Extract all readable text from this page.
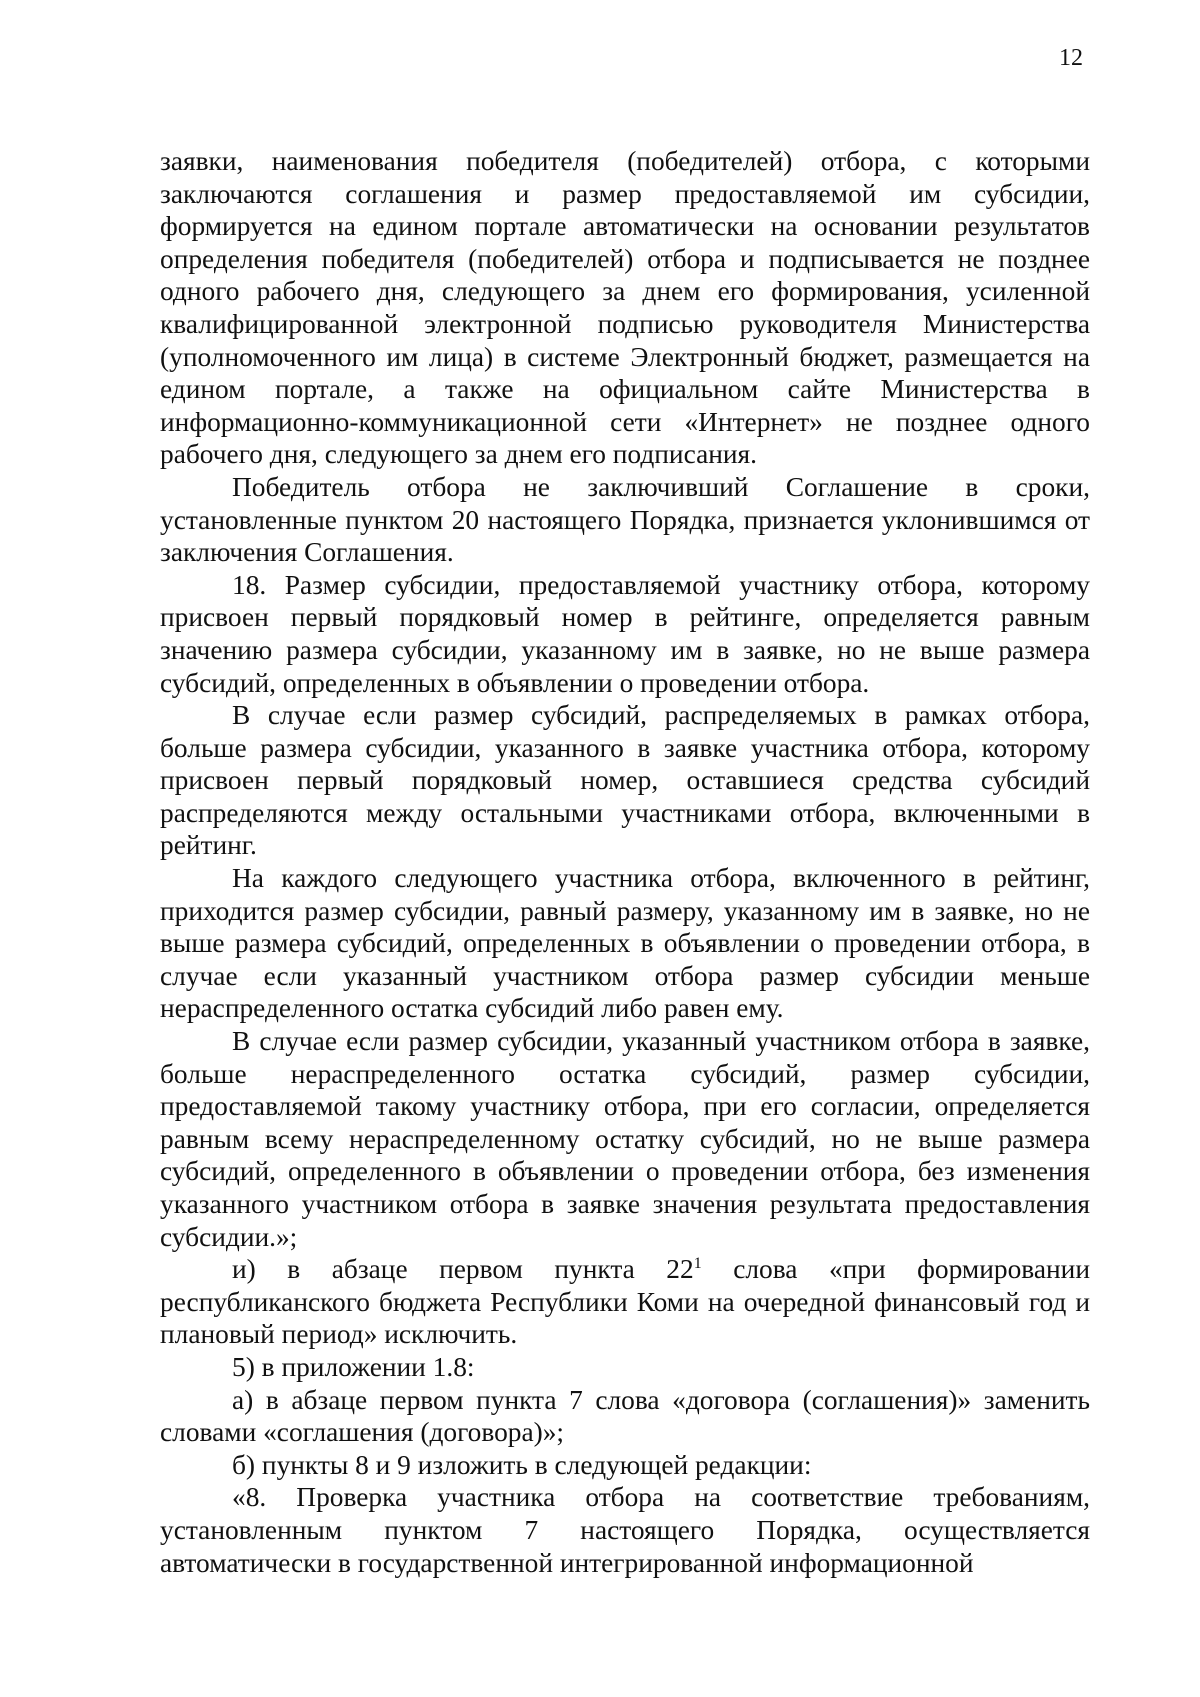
12

заявки, наименования победителя (победителей) отбора, с которыми заключаются соглашения и размер предоставляемой им субсидии, формируется на едином портале автоматически на основании результатов определения победителя (победителей) отбора и подписывается не позднее одного рабочего дня, следующего за днем его формирования, усиленной квалифицированной электронной подписью руководителя Министерства (уполномоченного им лица) в системе Электронный бюджет, размещается на едином портале, а также на официальном сайте Министерства в информационно-коммуникационной сети «Интернет» не позднее одного рабочего дня, следующего за днем его подписания.

Победитель отбора не заключивший Соглашение в сроки, установленные пунктом 20 настоящего Порядка, признается уклонившимся от заключения Соглашения.

18. Размер субсидии, предоставляемой участнику отбора, которому присвоен первый порядковый номер в рейтинге, определяется равным значению размера субсидии, указанному им в заявке, но не выше размера субсидий, определенных в объявлении о проведении отбора.

В случае если размер субсидий, распределяемых в рамках отбора, больше размера субсидии, указанного в заявке участника отбора, которому присвоен первый порядковый номер, оставшиеся средства субсидий распределяются между остальными участниками отбора, включенными в рейтинг.

На каждого следующего участника отбора, включенного в рейтинг, приходится размер субсидии, равный размеру, указанному им в заявке, но не выше размера субсидий, определенных в объявлении о проведении отбора, в случае если указанный участником отбора размер субсидии меньше нераспределенного остатка субсидий либо равен ему.

В случае если размер субсидии, указанный участником отбора в заявке, больше нераспределенного остатка субсидий, размер субсидии, предоставляемой такому участнику отбора, при его согласии, определяется равным всему нераспределенному остатку субсидий, но не выше размера субсидий, определенного в объявлении о проведении отбора, без изменения указанного участником отбора в заявке значения результата предоставления субсидии.»;

и) в абзаце первом пункта $22^1$ слова «при формировании республиканского бюджета Республики Коми на очередной финансовый год и плановый период» исключить.

5) в приложении 1.8:

а) в абзаце первом пункта 7 слова «договора (соглашения)» заменить словами «соглашения (договора)»;

б) пункты 8 и 9 изложить в следующей редакции:

«8. Проверка участника отбора на соответствие требованиям, установленным пунктом 7 настоящего Порядка, осуществляется автоматически в государственной интегрированной информационной
